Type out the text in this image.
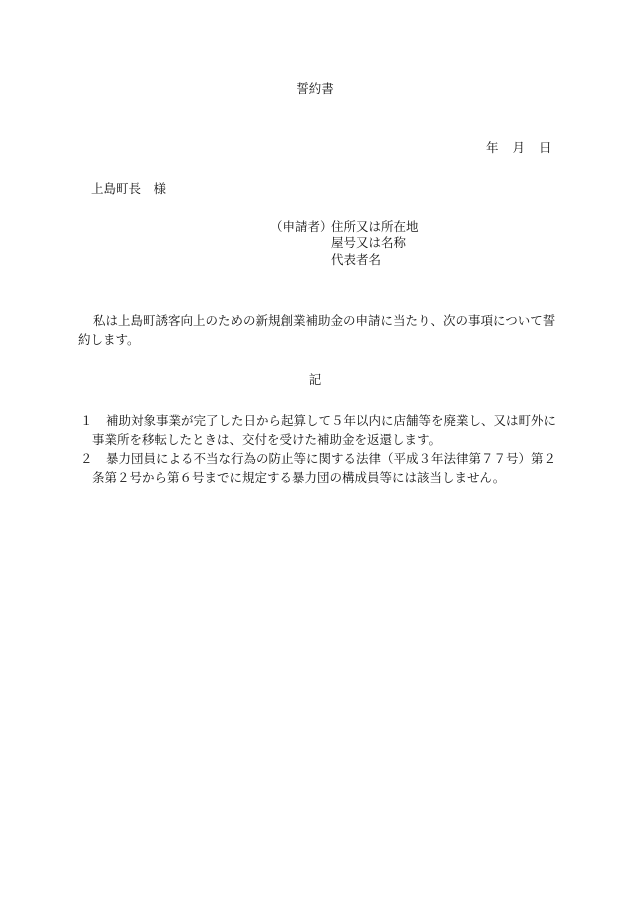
誓約書
年 月 日
上島町長　様
（申請者）
住所又は所在地
屋号又は名称
代表者名
私は上島町誘客向上のための新規創業補助金の申請に当たり、次の事項について誓約します。
記
１	補助対象事業が完了した日から起算して５年以内に店舗等を廃業し、又は町外に事業所を移転したときは、交付を受けた補助金を返還します。
２	暴力団員による不当な行為の防止等に関する法律（平成３年法律第７７号）第２条第２号から第６号までに規定する暴力団の構成員等には該当しません。
